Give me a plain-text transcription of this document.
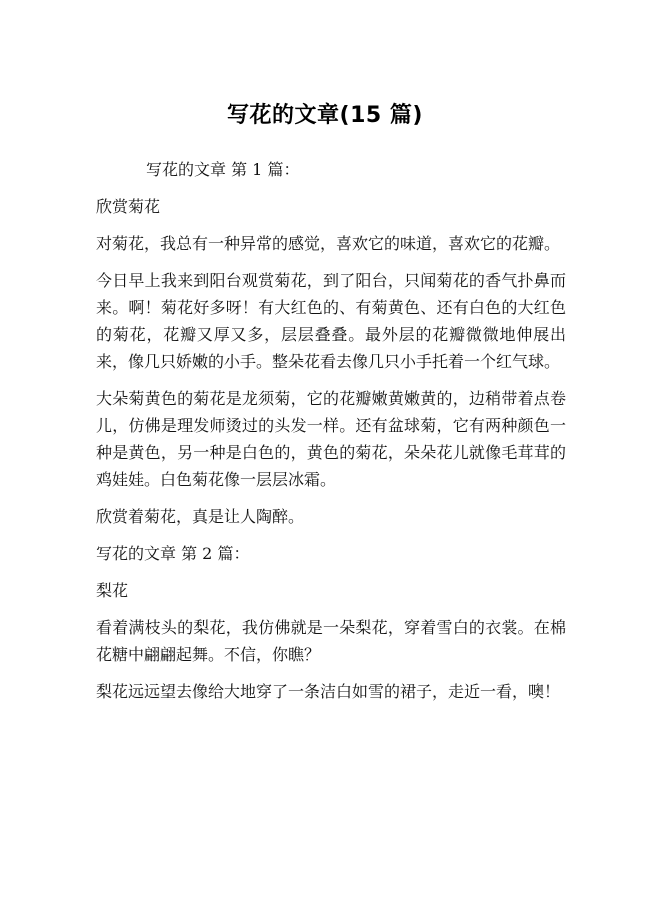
写花的文章(15 篇)

写花的文章 第 1 篇：

欣赏菊花

对菊花，我总有一种异常的感觉，喜欢它的味道，喜欢它的花瓣。

今日早上我来到阳台观赏菊花，到了阳台，只闻菊花的香气扑鼻而来。啊！菊花好多呀！有大红色的、有菊黄色、还有白色的大红色的菊花，花瓣又厚又多，层层叠叠。最外层的花瓣微微地伸展出来，像几只娇嫩的小手。整朵花看去像几只小手托着一个红气球。

大朵菊黄色的菊花是龙须菊，它的花瓣嫩黄嫩黄的，边稍带着点卷儿，仿佛是理发师烫过的头发一样。还有盆球菊，它有两种颜色一种是黄色，另一种是白色的，黄色的菊花，朵朵花儿就像毛茸茸的鸡娃娃。白色菊花像一层层冰霜。

欣赏着菊花，真是让人陶醉。

写花的文章 第 2 篇：

梨花

看着满枝头的梨花，我仿佛就是一朵梨花，穿着雪白的衣裳。在棉花糖中翩翩起舞。不信，你瞧？

梨花远远望去像给大地穿了一条洁白如雪的裙子，走近一看，噢！
